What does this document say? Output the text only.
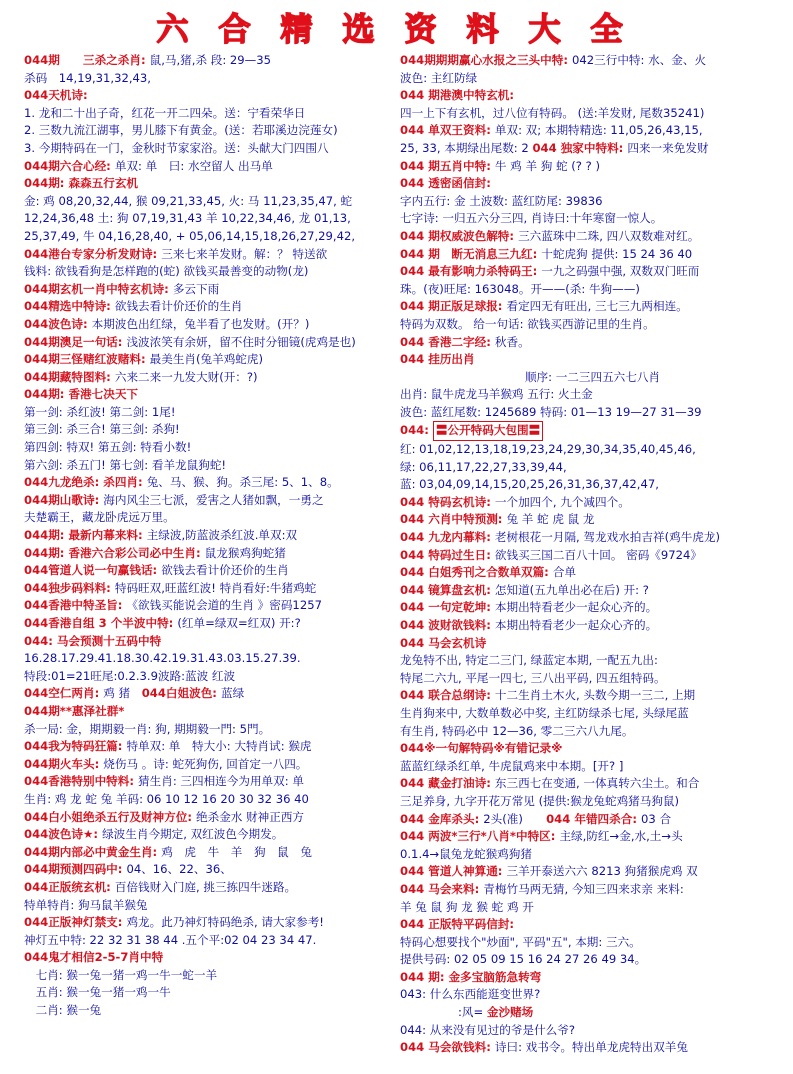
六 合 精 选 资 料 大 全
044期　　三杀之杀肖: 鼠,马,猪,杀 段: 29—35
杀码　14,19,31,32,43,
044天机诗:
1. 龙和二十出子奇，红花一开二四朵。送：宁看荣华日
2. 三数九流江湖事，男儿膝下有黄金。(送：若耶溪边浣莲女)
3. 今期特码在一门，金秋时节家家浴。送：头献大门四围八
044期六合心经: 单双: 单　曰: 水空留人 出马单
044期: 森森五行玄机
金: 鸡 08,20,32,44, 猴 09,21,33,45, 火: 马 11,23,35,47, 蛇
12,24,36,48 土: 狗 07,19,31,43 羊 10,22,34,46, 龙 01,13,
25,37,49, 牛 04,16,28,40, + 05,06,14,15,18,26,27,29,42,
044港台专家分析发财诗: 三来七来羊发财。解：？ 特送欲
钱料: 欲钱看狗是怎样跑的(蛇) 欲钱买最善变的动物(龙)
044期玄机一肖中特玄机诗: 多云下雨
044精选中特诗: 欲钱去看计价还价的生肖
044波色诗: 本期波色出红绿，兔半看了也发财。(开？)
044期澳足一句话: 浅波浓笑有余妍，留不住时分钿镜(虎鸡是也)
044期三怪赌红波赌料: 最美生肖(兔羊鸡蛇虎)
044期藏特图料: 六来二来一九发大财(开：?)
044期: 香港七决天下
第一剑: 杀红波! 第二剑: 1尾!
第三剑: 杀三合! 第三剑: 杀狗!
第四剑: 特双! 第五剑: 特看小数!
第六剑: 杀五门! 第七剑: 看羊龙鼠狗蛇!
044九龙绝杀: 杀四肖: 兔、马、猴、狗。杀三尾: 5、1、8。
044期山歌诗: 海内风尘三七派，爱害之人猪如飘，一勇之
夫楚霸王，藏龙卧虎远万里。
044期: 最新内幕来料: 主绿波,防蓝波杀红波.单双:双
044期: 香港六合彩公司必中生肖: 鼠龙猴鸡狗蛇猪
044管道人说一句赢钱话: 欲钱去看计价还价的生肖
044独步码料料: 特码旺双,旺蓝红波! 特肖看好:牛猪鸡蛇
044香港中特圣旨: 《欲钱买能说会道的生肖 》密码1257
044香港自组 3 个半波中特: (红单=绿双=红双) 开:?
044: 马会预测十五码中特
16.28.17.29.41.18.30.42.19.31.43.03.15.27.39.
特段:01=21旺尾:0.2.3.9波路:蓝波 红波
044空仁两肖: 鸡 猪　044白姐波色: 蓝绿
044期**惠泽社群*
杀一局: 金，期期毅一肖: 狗, 期期毅一門: 5門。
044我为特码狂篇: 特单双: 单　特大小: 大特肖试: 猴虎
044期火车头: 烧伤马 。诗: 蛇死狗伤, 回首定一八四。
044香港特别中特料: 猜生肖: 三四相连今为用单双: 单
生肖: 鸡 龙 蛇 兔 羊码: 06 10 12 16 20 30 32 36 40
044白小姐绝杀五行及财神方位: 绝杀金水 财神正西方
044波色诗★: 绿波生肖今期定, 双红波色今期发。
044期内部必中黄金生肖: 鸡　虎　牛　羊　狗　鼠　兔
044期预测四码中: 04、16、22、36、
044正版统玄机: 百倍钱财入门庭, 挑三拣四牛迷路。
特单特肖: 狗马鼠羊猴兔
044正版神灯禁支: 鸡龙。此乃神灯特码绝杀, 请大家参考!
神灯五中特: 22 32 31 38 44 .五个平:02 04 23 34 47.
044鬼才相信2-5-7肖中特
　七肖: 猴一兔一猪一鸡一牛一蛇一羊
　五肖: 猴一兔一猪一鸡一牛
　二肖: 猴一兔
044期期期赢心水报之三头中特: 042三行中特: 水、金、火
波色: 主红防绿
044 期港澳中特玄机:
四一上下有玄机，过八位有特码。 (送:羊发财, 尾数35241)
044 单双王资料: 单双: 双; 本期特精选: 11,05,26,43,15,
25, 33, 本期绿出尾数: 2 044 独家中特料: 四来一来免发财
044 期五肖中特: 牛 鸡 羊 狗 蛇 (? ? )
044 透密函信封:
字内五行: 金 土波数: 蓝红防尾: 39836
七字诗: 一归五六分三四, 肖诗曰:十年寒窗一惊人。
044 期权威波色解特: 三六蓝珠中二珠, 四八双数难对红。
044 期　断无消息三九红: 十蛇虎狗 提供: 15 24 36 40
044 最有影响力杀特码王: 一九之码强中强, 双数双门旺而
珠。(夜)旺尾: 163048。开——(杀: 牛狗——)
044 期正版足球报: 看定四无有旺出, 三七三九两相连。
特码为双数。 给一句话: 欲钱买西游记里的生肖。
044 香港二字经: 秋香。
044 挂历出肖
顺序: 一二三四五六七八肖
出肖: 鼠牛虎龙马羊猴鸡 五行: 火土金
波色: 蓝红尾数: 1245689 特码: 01—13 19—27 31—39
044: 〓公开特码大包围〓
红: 01,02,12,13,18,19,23,24,29,30,34,35,40,45,46,
绿: 06,11,17,22,27,33,39,44,
蓝: 03,04,09,14,15,20,25,26,31,36,37,42,47,
044 特码玄机诗: 一个加四个, 九个减四个。
044 六肖中特预测: 兔 羊 蛇 虎 鼠 龙
044 九龙内幕料: 老树根花一月隔, 驾龙戏水拍吉祥(鸡牛虎龙)
044 特码过生日: 欲钱买三国二百八十回。 密码《9724》
044 白姐秀刊之合数单双篇: 合单
044 镜算盘玄机: 怎知道(五九单出必在后) 开: ?
044 一句定乾坤: 本期出特看老少一起众心齐的。
044 波财欲钱料: 本期出特看老少一起众心齐的。
044 马会玄机诗
龙兔特不出, 特定二三门, 绿蓝定本期, 一配五九出:
特尾二六九, 平尾一四七, 三八出平码, 四五组特码。
044 联合总纲诗: 十二生肖土木火, 头数今期一三二, 上期
生肖狗来中, 大数单数必中奖, 主红防绿杀七尾, 头绿尾蓝
有生肖, 特码必中 12—36, 零二三六八九尾。
044※一句解特码※有错记录※
蓝蓝红绿杀红单, 牛虎鼠鸡来中本期。[开? ]
044 藏金打油诗: 东三西七在变通, 一体真转六尘土。和合
三足养身, 九字开花万常见 (提供:猴龙兔蛇鸡猪马狗鼠)
044 金库杀头: 2头(准)　　044 年错四杀合: 03 合
044 两波*三行*八肖*中特区: 主绿,防红→金,水,土→头
0.1.4→鼠兔龙蛇猴鸡狗猪
044 管道人神算通: 三羊开泰送六六 8213 狗猪猴虎鸡 双
044 马会来料: 青梅竹马两无猜, 今知三四来求亲 来料:
羊 兔 鼠 狗 龙 猴 蛇 鸡 开
044 正版特平码信封:
特码心想要找个"炒面", 平码"五", 本期: 三六。
提供号码: 02 05 09 15 16 24 27 26 49 34。
044 期: 金多宝脑筋急转弯
043: 什么东西能逛变世界?
　　　　　:风= 金沙赌场
044: 从来没有见过的爷是什么爷?
044 马会欲钱料: 诗曰: 戏书令。特出单龙虎特出双羊兔
